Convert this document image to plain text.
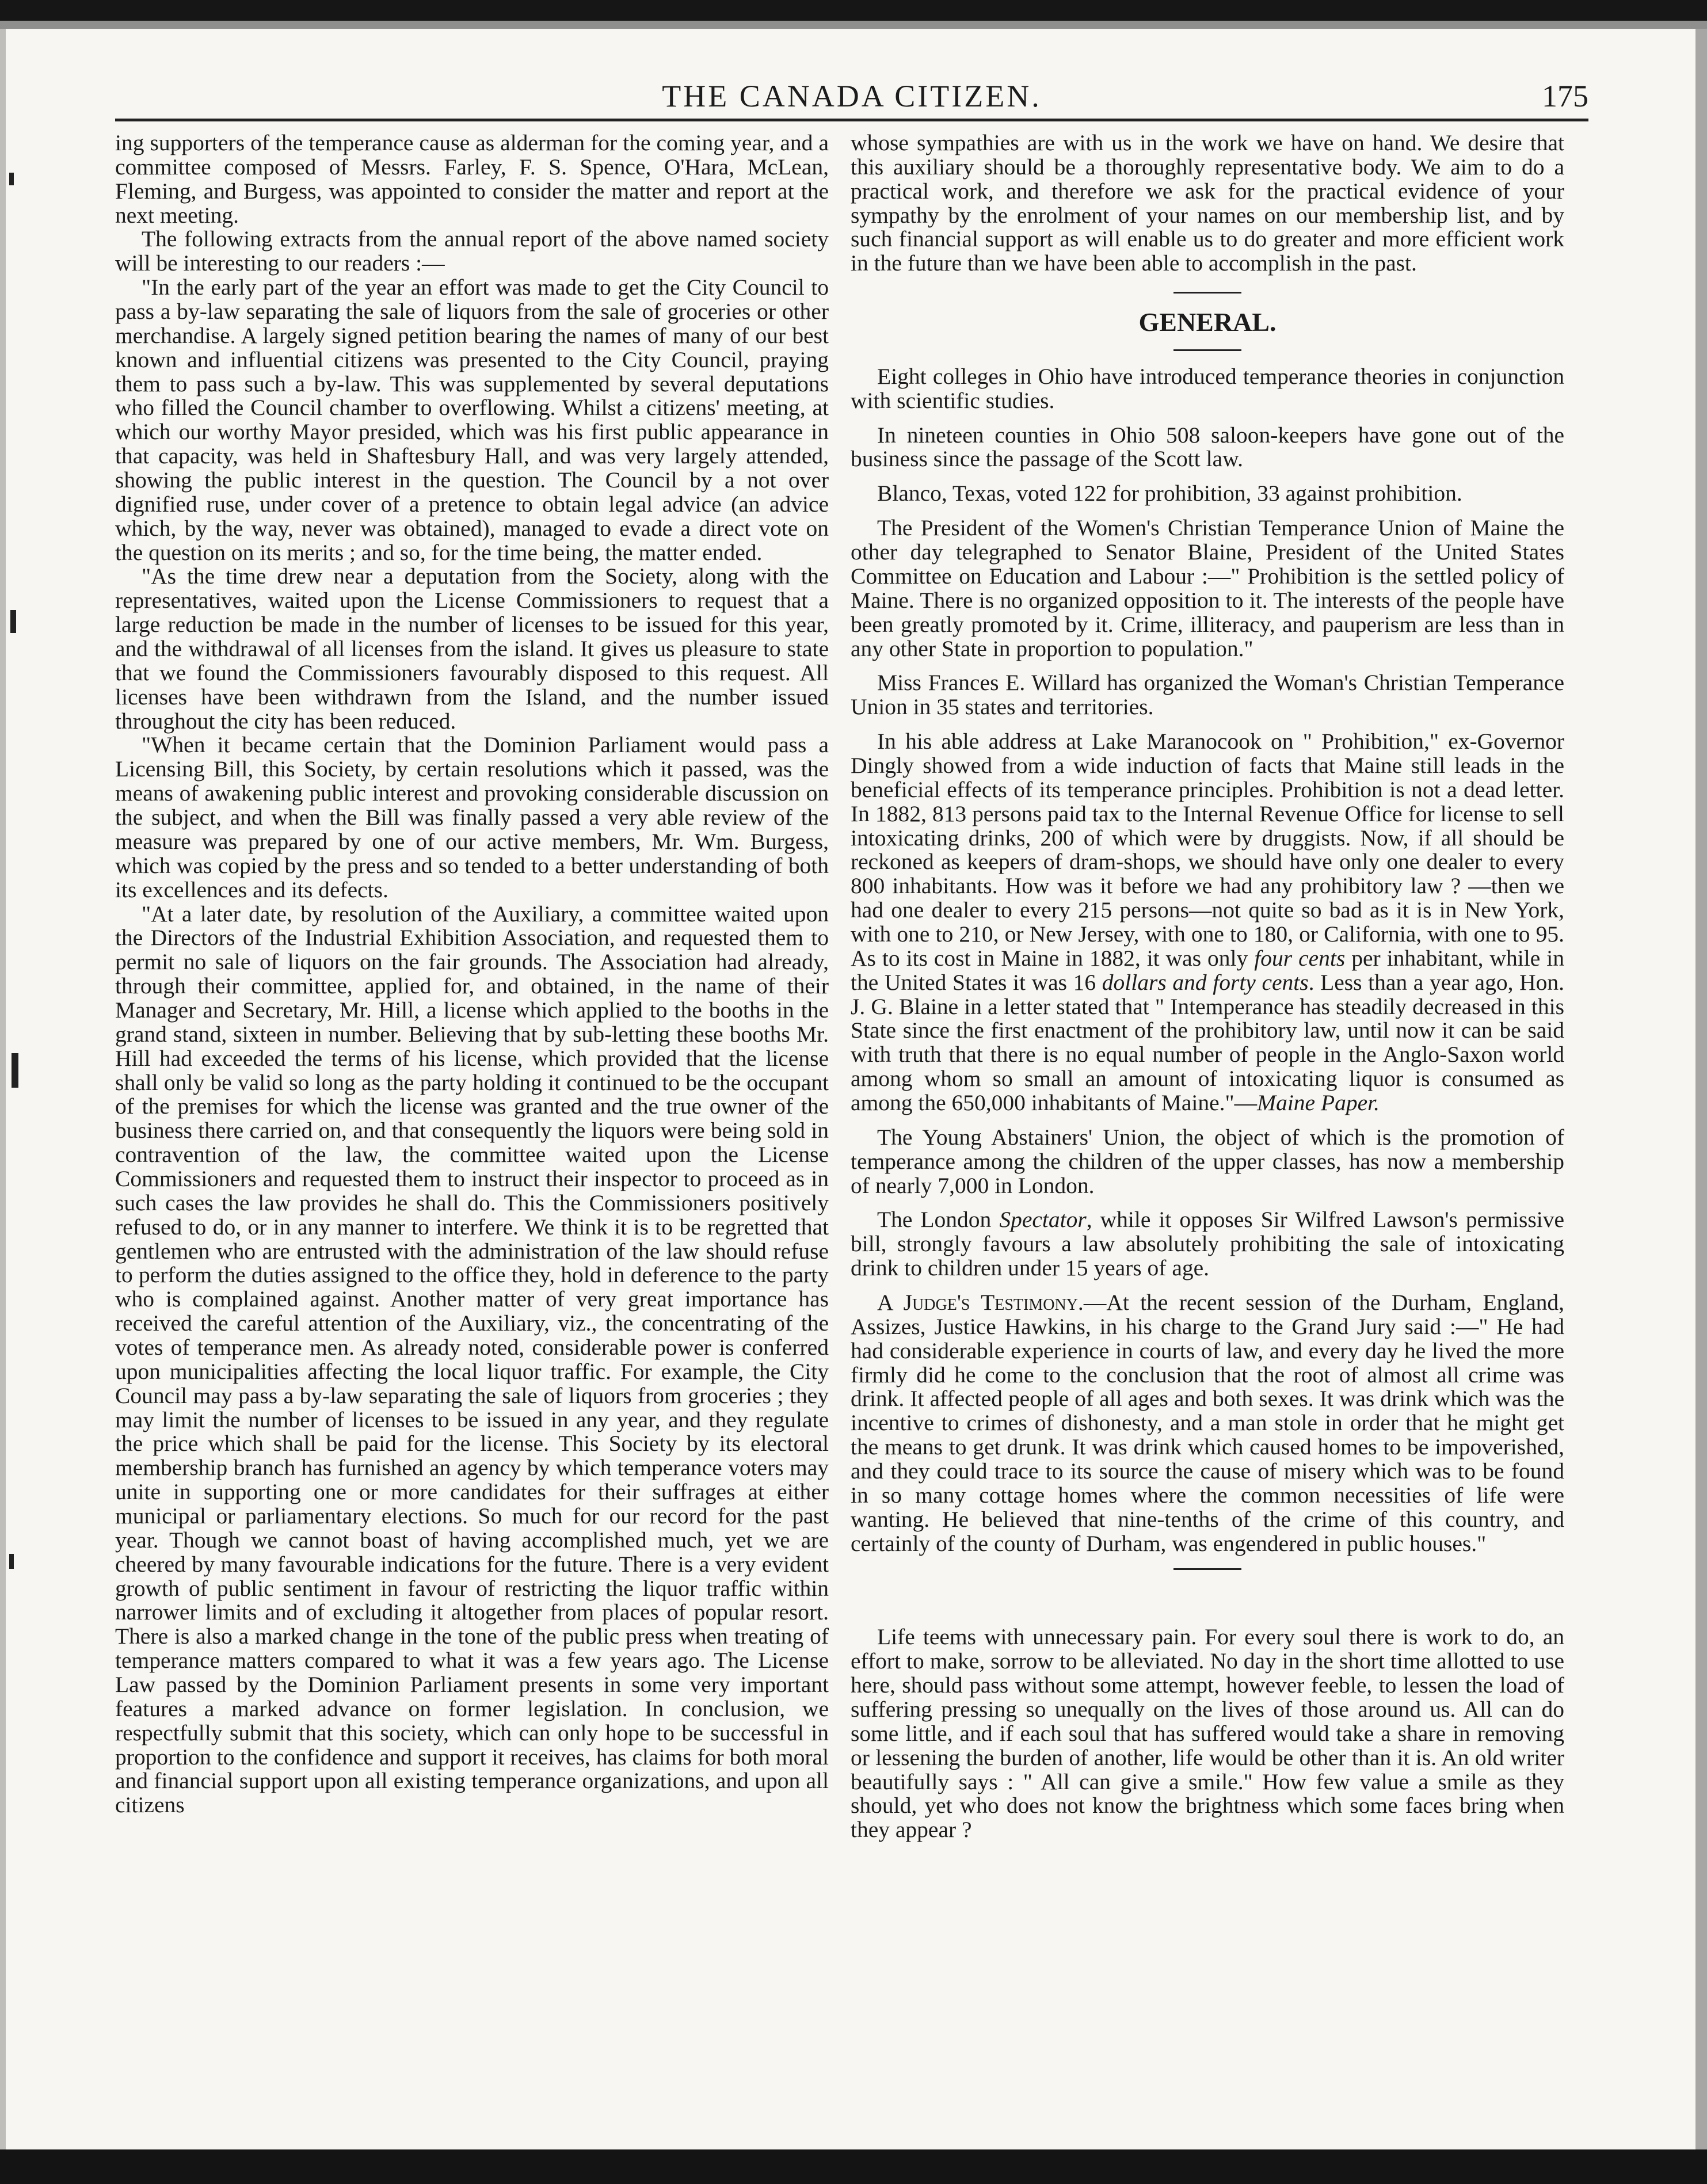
THE CANADA CITIZEN.	175

ing supporters of the temperance cause as alderman for the coming year, and a committee composed of Messrs. Farley, F. S. Spence, O'Hara, McLean, Fleming, and Burgess, was appointed to consider the matter and report at the next meeting.

The following extracts from the annual report of the above named society will be interesting to our readers :—

"In the early part of the year an effort was made to get the City Council to pass a by-law separating the sale of liquors from the sale of groceries or other merchandise. A largely signed petition bearing the names of many of our best known and influential citizens was presented to the City Council, praying them to pass such a by-law. This was supplemented by several deputations who filled the Council chamber to overflowing. Whilst a citizens' meeting, at which our worthy Mayor presided, which was his first public appearance in that capacity, was held in Shaftesbury Hall, and was very largely attended, showing the public interest in the question. The Council by a not over dignified ruse, under cover of a pretence to obtain legal advice (an advice which, by the way, never was obtained), managed to evade a direct vote on the question on its merits ; and so, for the time being, the matter ended.

"As the time drew near a deputation from the Society, along with the representatives, waited upon the License Commissioners to request that a large reduction be made in the number of licenses to be issued for this year, and the withdrawal of all licenses from the island. It gives us pleasure to state that we found the Commissioners favourably disposed to this request. All licenses have been withdrawn from the Island, and the number issued throughout the city has been reduced.

"When it became certain that the Dominion Parliament would pass a Licensing Bill, this Society, by certain resolutions which it passed, was the means of awakening public interest and provoking considerable discussion on the subject, and when the Bill was finally passed a very able review of the measure was prepared by one of our active members, Mr. Wm. Burgess, which was copied by the press and so tended to a better understanding of both its excellences and its defects.

"At a later date, by resolution of the Auxiliary, a committee waited upon the Directors of the Industrial Exhibition Association, and requested them to permit no sale of liquors on the fair grounds. The Association had already, through their committee, applied for, and obtained, in the name of their Manager and Secretary, Mr. Hill, a license which applied to the booths in the grand stand, sixteen in number. Believing that by sub-letting these booths Mr. Hill had exceeded the terms of his license, which provided that the license shall only be valid so long as the party holding it continued to be the occupant of the premises for which the license was granted and the true owner of the business there carried on, and that consequently the liquors were being sold in contravention of the law, the committee waited upon the License Commissioners and requested them to instruct their inspector to proceed as in such cases the law provides he shall do. This the Commissioners positively refused to do, or in any manner to interfere. We think it is to be regretted that gentlemen who are entrusted with the administration of the law should refuse to perform the duties assigned to the office they, hold in deference to the party who is complained against. Another matter of very great importance has received the careful attention of the Auxiliary, viz., the concentrating of the votes of temperance men. As already noted, considerable power is conferred upon municipalities affecting the local liquor traffic. For example, the City Council may pass a by-law separating the sale of liquors from groceries ; they may limit the number of licenses to be issued in any year, and they regulate the price which shall be paid for the license. This Society by its electoral membership branch has furnished an agency by which temperance voters may unite in supporting one or more candidates for their suffrages at either municipal or parliamentary elections. So much for our record for the past year. Though we cannot boast of having accomplished much, yet we are cheered by many favourable indications for the future. There is a very evident growth of public sentiment in favour of restricting the liquor traffic within narrower limits and of excluding it altogether from places of popular resort. There is also a marked change in the tone of the public press when treating of temperance matters compared to what it was a few years ago. The License Law passed by the Dominion Parliament presents in some very important features a marked advance on former legislation. In conclusion, we respectfully submit that this society, which can only hope to be successful in proportion to the confidence and support it receives, has claims for both moral and financial support upon all existing temperance organizations, and upon all citizens

whose sympathies are with us in the work we have on hand. We desire that this auxiliary should be a thoroughly representative body. We aim to do a practical work, and therefore we ask for the practical evidence of your sympathy by the enrolment of your names on our membership list, and by such financial support as will enable us to do greater and more efficient work in the future than we have been able to accomplish in the past.

GENERAL.

Eight colleges in Ohio have introduced temperance theories in conjunction with scientific studies.

In nineteen counties in Ohio 508 saloon-keepers have gone out of the business since the passage of the Scott law.

Blanco, Texas, voted 122 for prohibition, 33 against prohibition.

The President of the Women's Christian Temperance Union of Maine the other day telegraphed to Senator Blaine, President of the United States Committee on Education and Labour :—" Prohibition is the settled policy of Maine. There is no organized opposition to it. The interests of the people have been greatly promoted by it. Crime, illiteracy, and pauperism are less than in any other State in proportion to population."

Miss Frances E. Willard has organized the Woman's Christian Temperance Union in 35 states and territories.

In his able address at Lake Maranocook on " Prohibition," ex-Governor Dingly showed from a wide induction of facts that Maine still leads in the beneficial effects of its temperance principles. Prohibition is not a dead letter. In 1882, 813 persons paid tax to the Internal Revenue Office for license to sell intoxicating drinks, 200 of which were by druggists. Now, if all should be reckoned as keepers of dram-shops, we should have only one dealer to every 800 inhabitants. How was it before we had any prohibitory law ? —then we had one dealer to every 215 persons—not quite so bad as it is in New York, with one to 210, or New Jersey, with one to 180, or California, with one to 95. As to its cost in Maine in 1882, it was only four cents per inhabitant, while in the United States it was 16 dollars and forty cents. Less than a year ago, Hon. J. G. Blaine in a letter stated that " Intemperance has steadily decreased in this State since the first enactment of the prohibitory law, until now it can be said with truth that there is no equal number of people in the Anglo-Saxon world among whom so small an amount of intoxicating liquor is consumed as among the 650,000 inhabitants of Maine."—Maine Paper.

The Young Abstainers' Union, the object of which is the promotion of temperance among the children of the upper classes, has now a membership of nearly 7,000 in London.

The London Spectator, while it opposes Sir Wilfred Lawson's permissive bill, strongly favours a law absolutely prohibiting the sale of intoxicating drink to children under 15 years of age.

A Judge's Testimony.—At the recent session of the Durham, England, Assizes, Justice Hawkins, in his charge to the Grand Jury said :—" He had had considerable experience in courts of law, and every day he lived the more firmly did he come to the conclusion that the root of almost all crime was drink. It affected people of all ages and both sexes. It was drink which was the incentive to crimes of dishonesty, and a man stole in order that he might get the means to get drunk. It was drink which caused homes to be impoverished, and they could trace to its source the cause of misery which was to be found in so many cottage homes where the common necessities of life were wanting. He believed that nine-tenths of the crime of this country, and certainly of the county of Durham, was engendered in public houses."

Life teems with unnecessary pain. For every soul there is work to do, an effort to make, sorrow to be alleviated. No day in the short time allotted to use here, should pass without some attempt, however feeble, to lessen the load of suffering pressing so unequally on the lives of those around us. All can do some little, and if each soul that has suffered would take a share in removing or lessening the burden of another, life would be other than it is. An old writer beautifully says : " All can give a smile." How few value a smile as they should, yet who does not know the brightness which some faces bring when they appear ?
